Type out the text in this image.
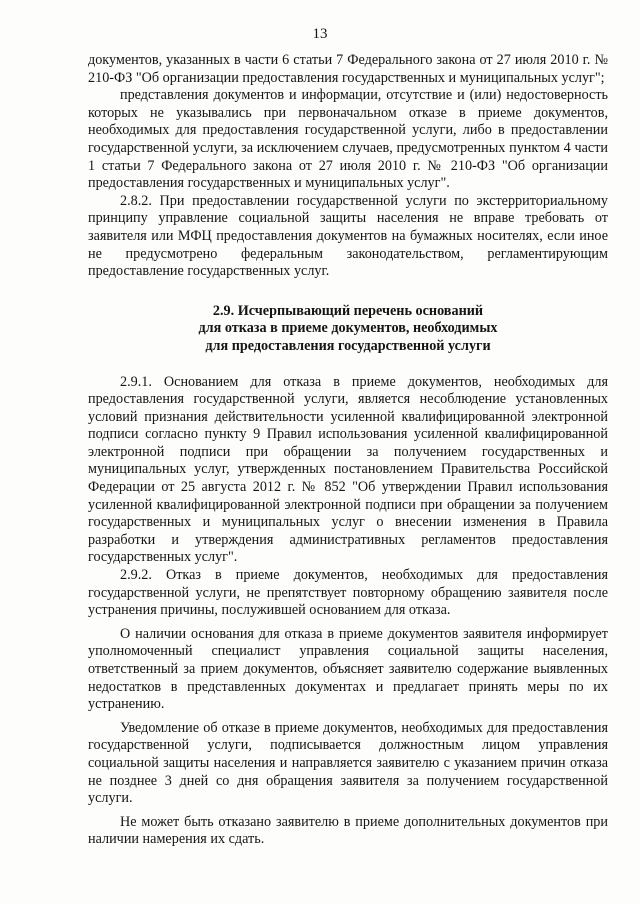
13

документов, указанных в части 6 статьи 7 Федерального закона от 27 июля 2010 г. № 210-ФЗ "Об организации предоставления государственных и муниципальных услуг";

представления документов и информации, отсутствие и (или) недостоверность которых не указывались при первоначальном отказе в приеме документов, необходимых для предоставления государственной услуги, либо в предоставлении государственной услуги, за исключением случаев, предусмотренных пунктом 4 части 1 статьи 7 Федерального закона от 27 июля 2010 г. № 210-ФЗ "Об организации предоставления государственных и муниципальных услуг".

2.8.2. При предоставлении государственной услуги по экстерриториальному принципу управление социальной защиты населения не вправе требовать от заявителя или МФЦ предоставления документов на бумажных носителях, если иное не предусмотрено федеральным законодательством, регламентирующим предоставление государственных услуг.

2.9. Исчерпывающий перечень оснований
для отказа в приеме документов, необходимых
для предоставления государственной услуги

2.9.1. Основанием для отказа в приеме документов, необходимых для предоставления государственной услуги, является несоблюдение установленных условий признания действительности усиленной квалифицированной электронной подписи согласно пункту 9 Правил использования усиленной квалифицированной электронной подписи при обращении за получением государственных и муниципальных услуг, утвержденных постановлением Правительства Российской Федерации от 25 августа 2012 г. № 852 "Об утверждении Правил использования усиленной квалифицированной электронной подписи при обращении за получением государственных и муниципальных услуг о внесении изменения в Правила разработки и утверждения административных регламентов предоставления государственных услуг".

2.9.2. Отказ в приеме документов, необходимых для предоставления государственной услуги, не препятствует повторному обращению заявителя после устранения причины, послужившей основанием для отказа.

О наличии основания для отказа в приеме документов заявителя информирует уполномоченный специалист управления социальной защиты населения, ответственный за прием документов, объясняет заявителю содержание выявленных недостатков в представленных документах и предлагает принять меры по их устранению.

Уведомление об отказе в приеме документов, необходимых для предоставления государственной услуги, подписывается должностным лицом управления социальной защиты населения и направляется заявителю с указанием причин отказа не позднее 3 дней со дня обращения заявителя за получением государственной услуги.

Не может быть отказано заявителю в приеме дополнительных документов при наличии намерения их сдать.
